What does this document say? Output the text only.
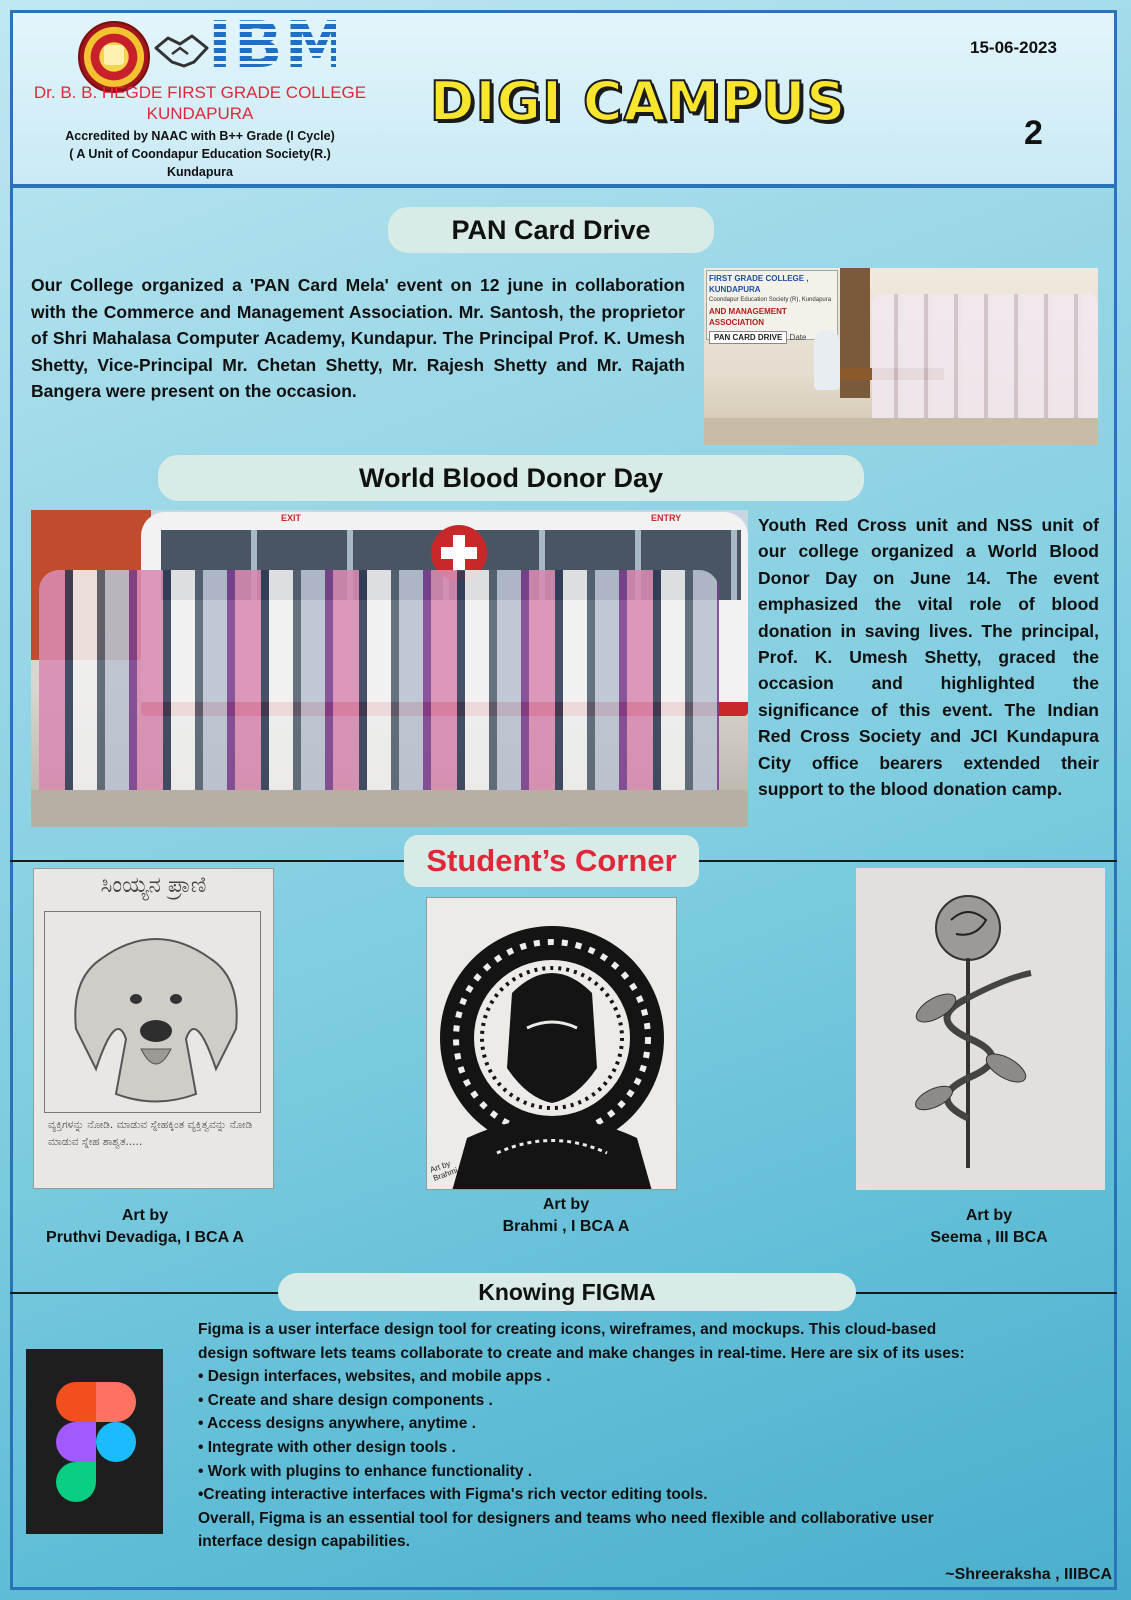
IBM
Dr. B. B. HEGDE FIRST GRADE COLLEGE
KUNDAPURA
Accredited by NAAC with B++ Grade (I Cycle)
( A Unit of Coondapur Education Society(R.)
Kundapura
DIGI CAMPUS
15-06-2023
2
PAN Card Drive
Our College organized a 'PAN Card Mela' event on 12 june in collaboration with the Commerce and Management Association. Mr. Santosh, the proprietor of Shri Mahalasa Computer Academy, Kundapur. The Principal Prof. K. Umesh Shetty, Vice-Principal Mr. Chetan Shetty, Mr. Rajesh Shetty and Mr. Rajath Bangera were present on the occasion.
FIRST GRADE COLLEGE , KUNDAPURA
Coondapur Education Society (R), Kundapura
AND MANAGEMENT ASSOCIATION
PAN CARD DRIVE Date
World Blood Donor Day
EXIT	ENTRY	Youth Red Cross unit and NSS unit of our college organized a World Blood Donor Day on June 14. The event emphasized the vital role of blood donation in saving lives. The principal, Prof. K. Umesh Shetty, graced the occasion and highlighted the significance of this event. The Indian Red Cross Society and JCI Kundapura City office bearers extended their support to the blood donation camp.
Student’s Corner
ಸಿಂಯ್ಯನ ಪ್ರಾಣಿ
ವ್ಯಕ್ತಿಗಳನ್ನು ನೋಡಿ. ಮಾಡುವ ಸ್ನೇಹಕ್ಕಿಂತ ವ್ಯಕ್ತಿತ್ವವನ್ನು ನೋಡಿ ಮಾಡುವ ಸ್ನೇಹ ಶಾಶ್ವತ.....
Art by
Pruthvi Devadiga, I BCA A
Art by Brahmi
Art by
Brahmi , I BCA A
Art by
Seema , III BCA
Knowing FIGMA
Figma is a user interface design tool for creating icons, wireframes, and mockups. This cloud-based design software lets teams collaborate to create and make changes in real-time. Here are six of its uses:
• Design interfaces, websites, and mobile apps .
• Create and share design components .
• Access designs anywhere, anytime .
• Integrate with other design tools .
• Work with plugins to enhance functionality .
•Creating interactive interfaces with Figma's rich vector editing tools.
Overall, Figma is an essential tool for designers and teams who need flexible and collaborative user interface design capabilities.
~Shreeraksha , IIIBCA
